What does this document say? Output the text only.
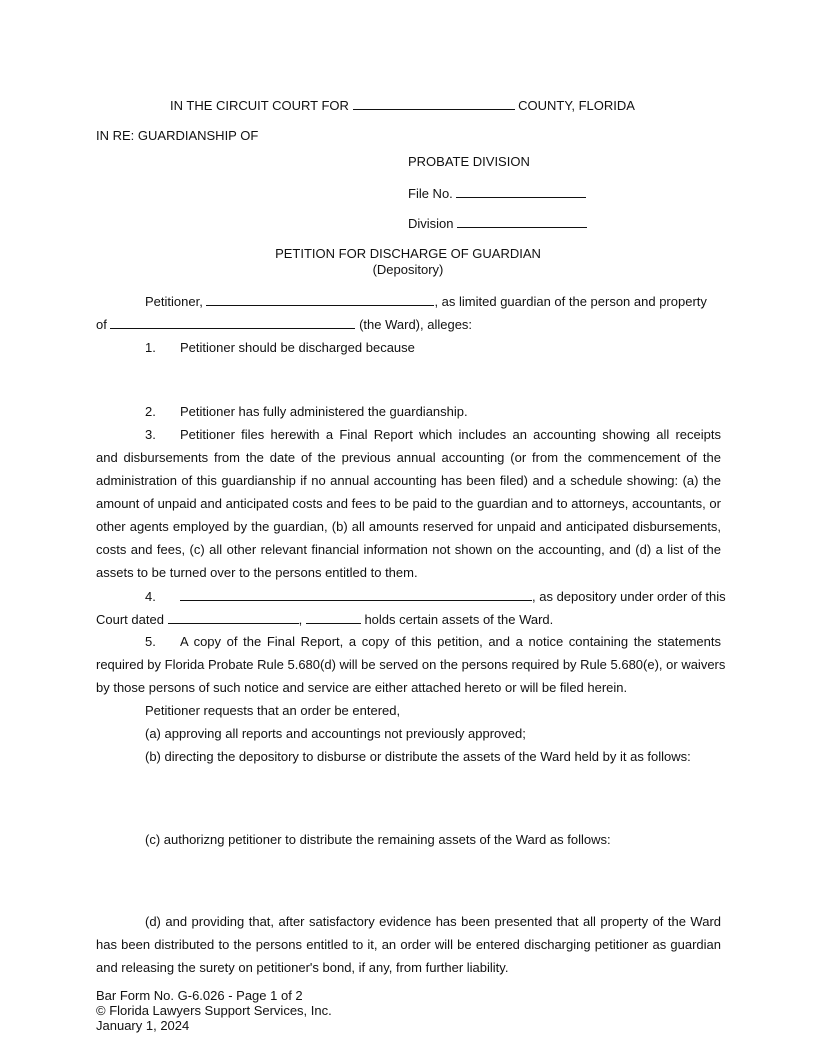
IN THE CIRCUIT COURT FOR	COUNTY, FLORIDA
IN RE: GUARDIANSHIP OF
PROBATE DIVISION
File No.
Division
PETITION FOR DISCHARGE OF GUARDIAN
(Depository)
Petitioner,	, as limited guardian of the person and property
of	(the Ward), alleges:
1. Petitioner should be discharged because
2. Petitioner has fully administered the guardianship.
3. Petitioner files herewith a Final Report which includes an accounting showing all receipts
and disbursements from the date of the previous annual accounting (or from the commencement of the
administration of this guardianship if no annual accounting has been filed) and a schedule showing: (a) the
amount of unpaid and anticipated costs and fees to be paid to the guardian and to attorneys, accountants, or
other agents employed by the guardian, (b) all amounts reserved for unpaid and anticipated disbursements,
costs and fees, (c) all other relevant financial information not shown on the accounting, and (d) a list of the
assets to be turned over to the persons entitled to them.
4.	, as depository under order of this
Court dated	,	holds certain assets of the Ward.
5. A copy of the Final Report, a copy of this petition, and a notice containing the statements
required by Florida Probate Rule 5.680(d) will be served on the persons required by Rule 5.680(e), or waivers
by those persons of such notice and service are either attached hereto or will be filed herein.
Petitioner requests that an order be entered,
(a) approving all reports and accountings not previously approved;
(b) directing the depository to disburse or distribute the assets of the Ward held by it as follows:
(c) authorizng petitioner to distribute the remaining assets of the Ward as follows:
(d) and providing that, after satisfactory evidence has been presented that all property of the Ward
has been distributed to the persons entitled to it, an order will be entered discharging petitioner as guardian
and releasing the surety on petitioner's bond, if any, from further liability.
Bar Form No. G-6.026 - Page 1 of 2
© Florida Lawyers Support Services, Inc.
January 1, 2024
